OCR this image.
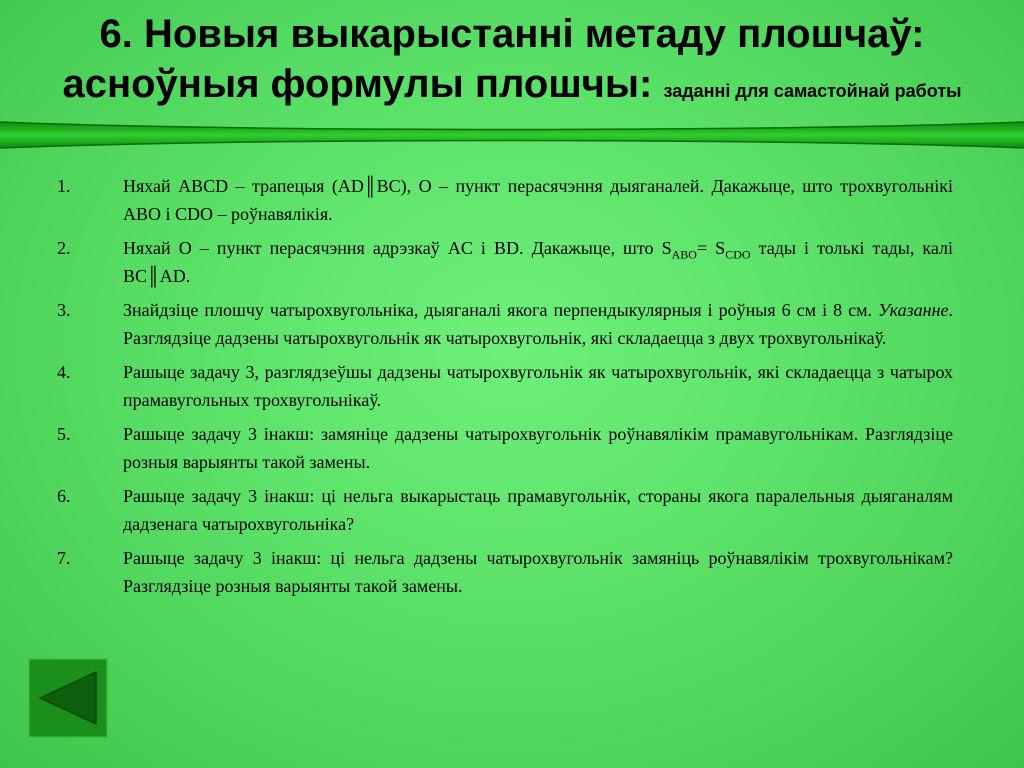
6. Новыя выкарыстанні метаду плошчаў:

асноўныя формулы плошчы: заданні для самастойнай работы

1.	Няхай ABCD – трапецыя (AD║BC), O – пункт перасячэння дыяганалей. Дакажыце, што трохвугольнікі ABO і CDO – роўнавялікія.
2.	Няхай O – пункт перасячэння адрэзкаў AC і BD. Дакажыце, што $S_{ABO}= S_{CDO}$ тады і толькі тады, калі BC║AD.
3.	Знайдзіце плошчу чатырохвугольніка, дыяганалі якога перпендыкулярныя і роўныя 6 см і 8 см. Указанне. Разглядзіце дадзены чатырохвугольнік як чатырохвугольнік, які складаецца з двух трохвугольнікаў.
4.	Рашыце задачу 3, разглядзеўшы дадзены чатырохвугольнік як чатырохвугольнік, які складаецца з чатырох прамавугольных трохвугольнікаў.
5.	Рашыце задачу 3 інакш: замяніце дадзены чатырохвугольнік роўнавялікім прамавугольнікам. Разглядзіце розныя варыянты такой замены.
6.	Рашыце задачу 3 інакш: ці нельга выкарыстаць прамавугольнік, стораны якога паралельныя дыяганалям дадзенага чатырохвугольніка?
7.	Рашыце задачу 3 інакш: ці нельга дадзены чатырохвугольнік замяніць роўнавялікім трохвугольнікам? Разглядзіце розныя варыянты такой замены.
